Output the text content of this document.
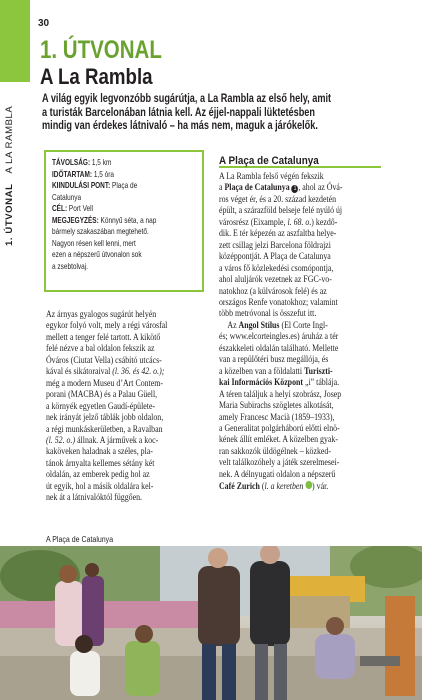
1. ÚTVONALA LA RAMBLA
30
1. ÚTVONAL
A La Rambla
A világ egyik legvonzóbb sugárútja, a La Rambla az első hely, amit
a turisták Barcelonában látnia kell. Az éjjel-nappali lüktetésben
mindig van érdekes látnivaló – ha más nem, maguk a járókelők.
TÁVOLSÁG: 1,5 km
IDŐTARTAM: 1,5 óra
KIINDULÁSI PONT: Plaça de
Catalunya
CÉL: Port Vell
MEGJEGYZÉS: Könnyű séta, a nap
bármely szakaszában megtehető.
Nagyon résen kell lenni, mert
ezen a népszerű útvonalon sok
a zsebtolvaj.
Az árnyas gyalogos sugárút helyén
egykor folyó volt, mely a régi városfal
mellett a tenger felé tartott. A kikötő
felé nézve a bal oldalon fekszik az
Óváros (Ciutat Vella) csábító utcács-
kával és sikátoraival (l. 36. és 42. o.);
még a modern Museu d’Art Contem-
porani (MACBA) és a Palau Güell,
a környék egyetlen Gaudí-épülete-
nek irányát jelző táblák jobb oldalon,
a régi munkáskerületben, a Ravalban
(l. 52. o.) állnak. A járművek a koc-
kaköveken haladnak a széles, pla-
tánok árnyalta kellemes sétány két
oldalán, az emberek pedig hol az
út egyik, hol a másik oldalára kel-
nek át a látnivalóktól függően.
A Plaça de Catalunya
A La Rambla felső végén fekszik
a Plaça de Catalunya 1 , ahol az Óvá-
ros véget ér, és a 20. század kezdetén
épült, a szárazföld belseje felé nyúló új
városrész (Eixample, l. 68. o.) kezdő-
dik. E tér képezén az aszfaltba helye-
zett csillag jelzi Barcelona földrajzi
középpontját. A Plaça de Catalunya
a város fő közlekedési csomópontja,
ahol aluljárók vezetnek az FGC-vo-
natokhoz (a külvárosok felé) és az
országos Renfe vonatokhoz; valamint
több metróvonal is összefut itt.
Az Angol Stílus (El Corte Ingl-
és; www.elcorteingles.es) áruház a tér
északkeleti oldalán található. Mellette
van a repülőtéri busz megállója, és
a közelben van a földalatti Turiszti-
kai Információs Központ „i” táblája.
A téren találjuk a helyi szobrász, Josep
Maria Subirachs szögletes alkotását,
amely Francesc Macià (1859–1933),
a Generalitat polgárháború előtti elnö-
kének állít emléket. A közelben gyak-
ran sakkozók üldögélnek – közked-
velt találkozóhely a játék szerelmesei-
nek. A délnyugati oldalon a népszerű
Café Zurich (l. a keretben ) vár.
A Plaça de Catalunya
